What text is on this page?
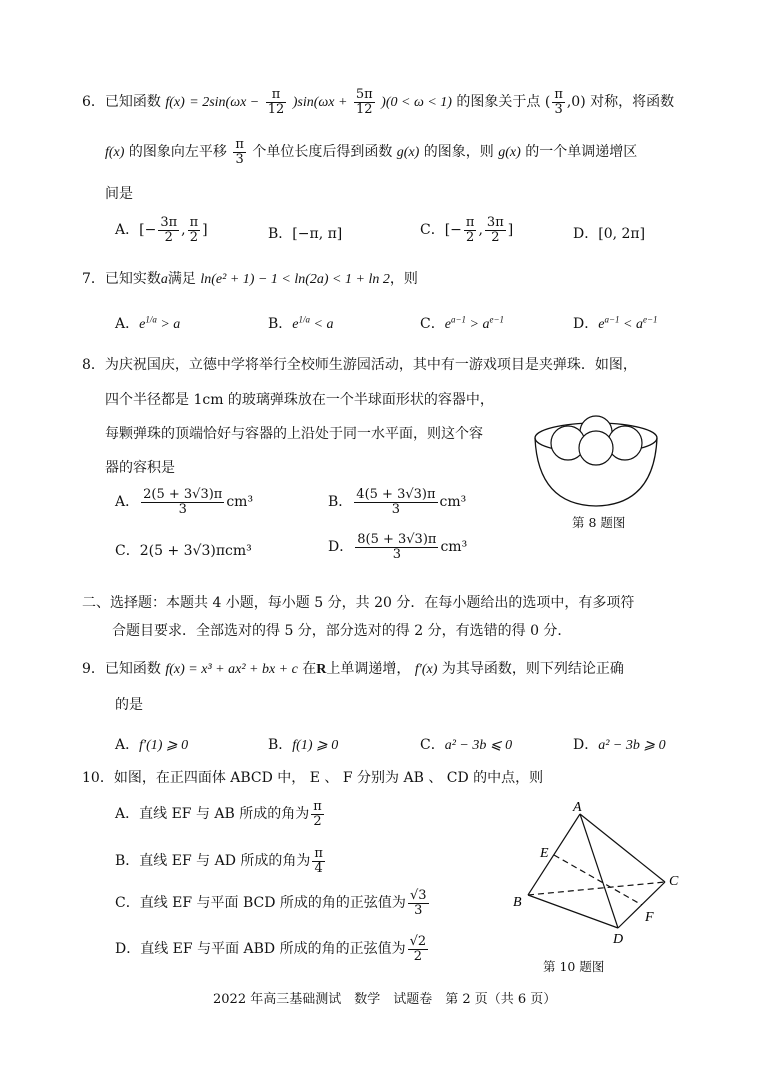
6．已知函数 $f(x) = 2\sin(\omega x - \frac{\pi}{12} )\sin(\omega x + \frac{5\pi}{12} )(0 < \omega < 1)$ 的图象关于点 ( $\frac{\pi}{3} ,0$) 对称，将函数
f(x) 的图象向左平移 $\frac{\pi}{3}$ 个单位长度后得到函数 g(x) 的图象，则 g(x) 的一个单调递增区
间是
A．[− $\frac{3\pi}{2}$ , $\frac{\pi}{2}$ ]	B．[−π, π]	C．[− $\frac{\pi}{2}$ , $\frac{3\pi}{2}$ ]	D．[0, 2π]
7．已知实数a满足 ln(e² + 1) − 1 < ln(2a) < 1 + ln 2，则
A．$e^{1/a} > a$	B．$e^{1/a} < a$	C．$e^{a-1} > a^{e-1}$	D．$e^{a-1} < a^{e-1}$
8．为庆祝国庆，立德中学将举行全校师生游园活动，其中有一游戏项目是夹弹珠．如图，
四个半径都是 1cm 的玻璃弹珠放在一个半球面形状的容器中，
每颗弹珠的顶端恰好与容器的上沿处于同一水平面，则这个容
器的容积是
A． $\frac{2(5 + 3√3)\pi}{3} cm^3$	B． $\frac{4(5 + 3√3)\pi}{3} cm^3$
C．2(5 + 3√3)πcm³	D． $\frac{8(5 + 3√3)\pi}{3} cm^3$
第 8 题图
二、选择题：本题共 4 小题，每小题 5 分，共 20 分．在每小题给出的选项中，有多项符
合题目要求．全部选对的得 5 分，部分选对的得 2 分，有选错的得 0 分．
9．已知函数 f(x) = x³ + ax² + bx + c 在R上单调递增， f′(x) 为其导函数，则下列结论正确
的是
A．f′(1) ⩾ 0	B．f(1) ⩾ 0	C．a² − 3b ⩽ 0	D．a² − 3b ⩾ 0
10．如图，在正四面体 ABCD 中， E 、 F 分别为 AB 、 CD 的中点，则
A．直线 EF 与 AB 所成的角为 $\frac{\pi}{2}$
B．直线 EF 与 AD 所成的角为 $\frac{\pi}{4}$
C．直线 EF 与平面 BCD 所成的角的正弦值为 $\frac{√3}{3}$
D．直线 EF 与平面 ABD 所成的角的正弦值为 $\frac{√2}{2}$
A
B
C
D
E
F
第 10 题图
2022 年高三基础测试　数学　试题卷　第 2 页（共 6 页）
